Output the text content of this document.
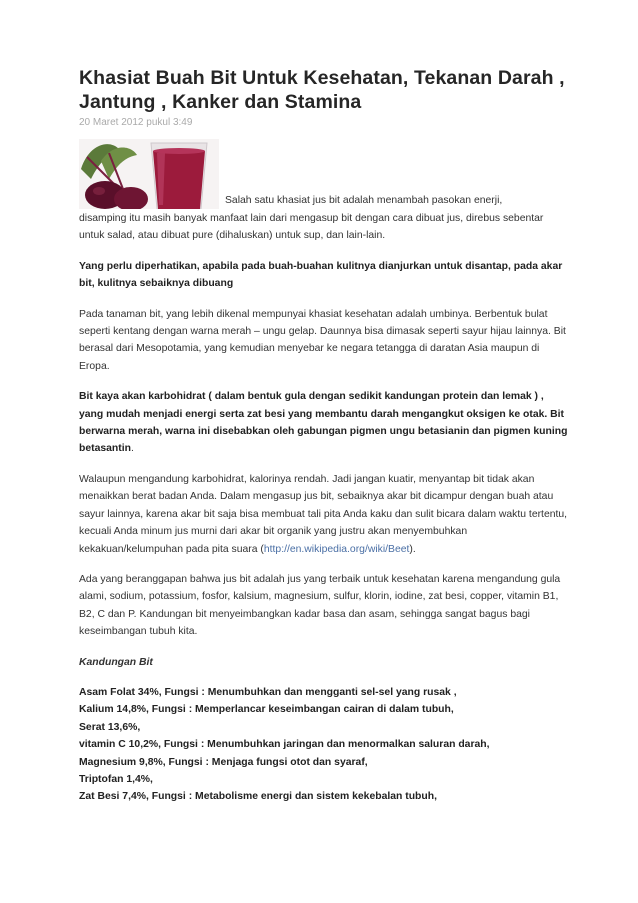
Khasiat Buah Bit Untuk Kesehatan, Tekanan Darah , Jantung , Kanker dan Stamina
20 Maret 2012 pukul 3:49
Salah satu khasiat jus bit adalah menambah pasokan enerji,

disamping itu masih banyak manfaat lain dari mengasup bit dengan cara dibuat jus, direbus sebentar untuk salad, atau dibuat pure (dihaluskan) untuk sup, dan lain-lain.

Yang perlu diperhatikan, apabila pada buah-buahan kulitnya dianjurkan untuk disantap, pada akar bit, kulitnya sebaiknya dibuang

Pada tanaman bit, yang lebih dikenal mempunyai khasiat kesehatan adalah umbinya. Berbentuk bulat seperti kentang dengan warna merah – ungu gelap. Daunnya bisa dimasak seperti sayur hijau lainnya. Bit berasal dari Mesopotamia, yang kemudian menyebar ke negara tetangga di daratan Asia maupun di Eropa.

Bit kaya akan karbohidrat ( dalam bentuk gula dengan sedikit kandungan protein dan lemak ) , yang mudah menjadi energi serta zat besi yang membantu darah mengangkut oksigen ke otak. Bit berwarna merah, warna ini disebabkan oleh gabungan pigmen ungu betasianin dan pigmen kuning betasantin.

Walaupun mengandung karbohidrat, kalorinya rendah. Jadi jangan kuatir, menyantap bit tidak akan menaikkan berat badan Anda. Dalam mengasup jus bit, sebaiknya akar bit dicampur dengan buah atau sayur lainnya, karena akar bit saja bisa membuat tali pita Anda kaku dan sulit bicara dalam waktu tertentu, kecuali Anda minum jus murni dari akar bit organik yang justru akan menyembuhkan kekakuan/kelumpuhan pada pita suara (http://en.wikipedia.org/wiki/Beet).

Ada yang beranggapan bahwa jus bit adalah jus yang terbaik untuk kesehatan karena mengandung gula alami, sodium, potassium, fosfor, kalsium, magnesium, sulfur, klorin, iodine, zat besi, copper, vitamin B1, B2, C dan P. Kandungan bit menyeimbangkan kadar basa dan asam, sehingga sangat bagus bagi keseimbangan tubuh kita.

Kandungan Bit

Asam Folat 34%, Fungsi : Menumbuhkan dan mengganti sel-sel yang rusak ,

Kalium 14,8%, Fungsi : Memperlancar keseimbangan cairan di dalam tubuh,

Serat 13,6%,

vitamin C 10,2%, Fungsi : Menumbuhkan jaringan dan menormalkan saluran darah,

Magnesium 9,8%, Fungsi : Menjaga fungsi otot dan syaraf,

Triptofan 1,4%,

Zat Besi 7,4%, Fungsi : Metabolisme energi dan sistem kekebalan tubuh,
